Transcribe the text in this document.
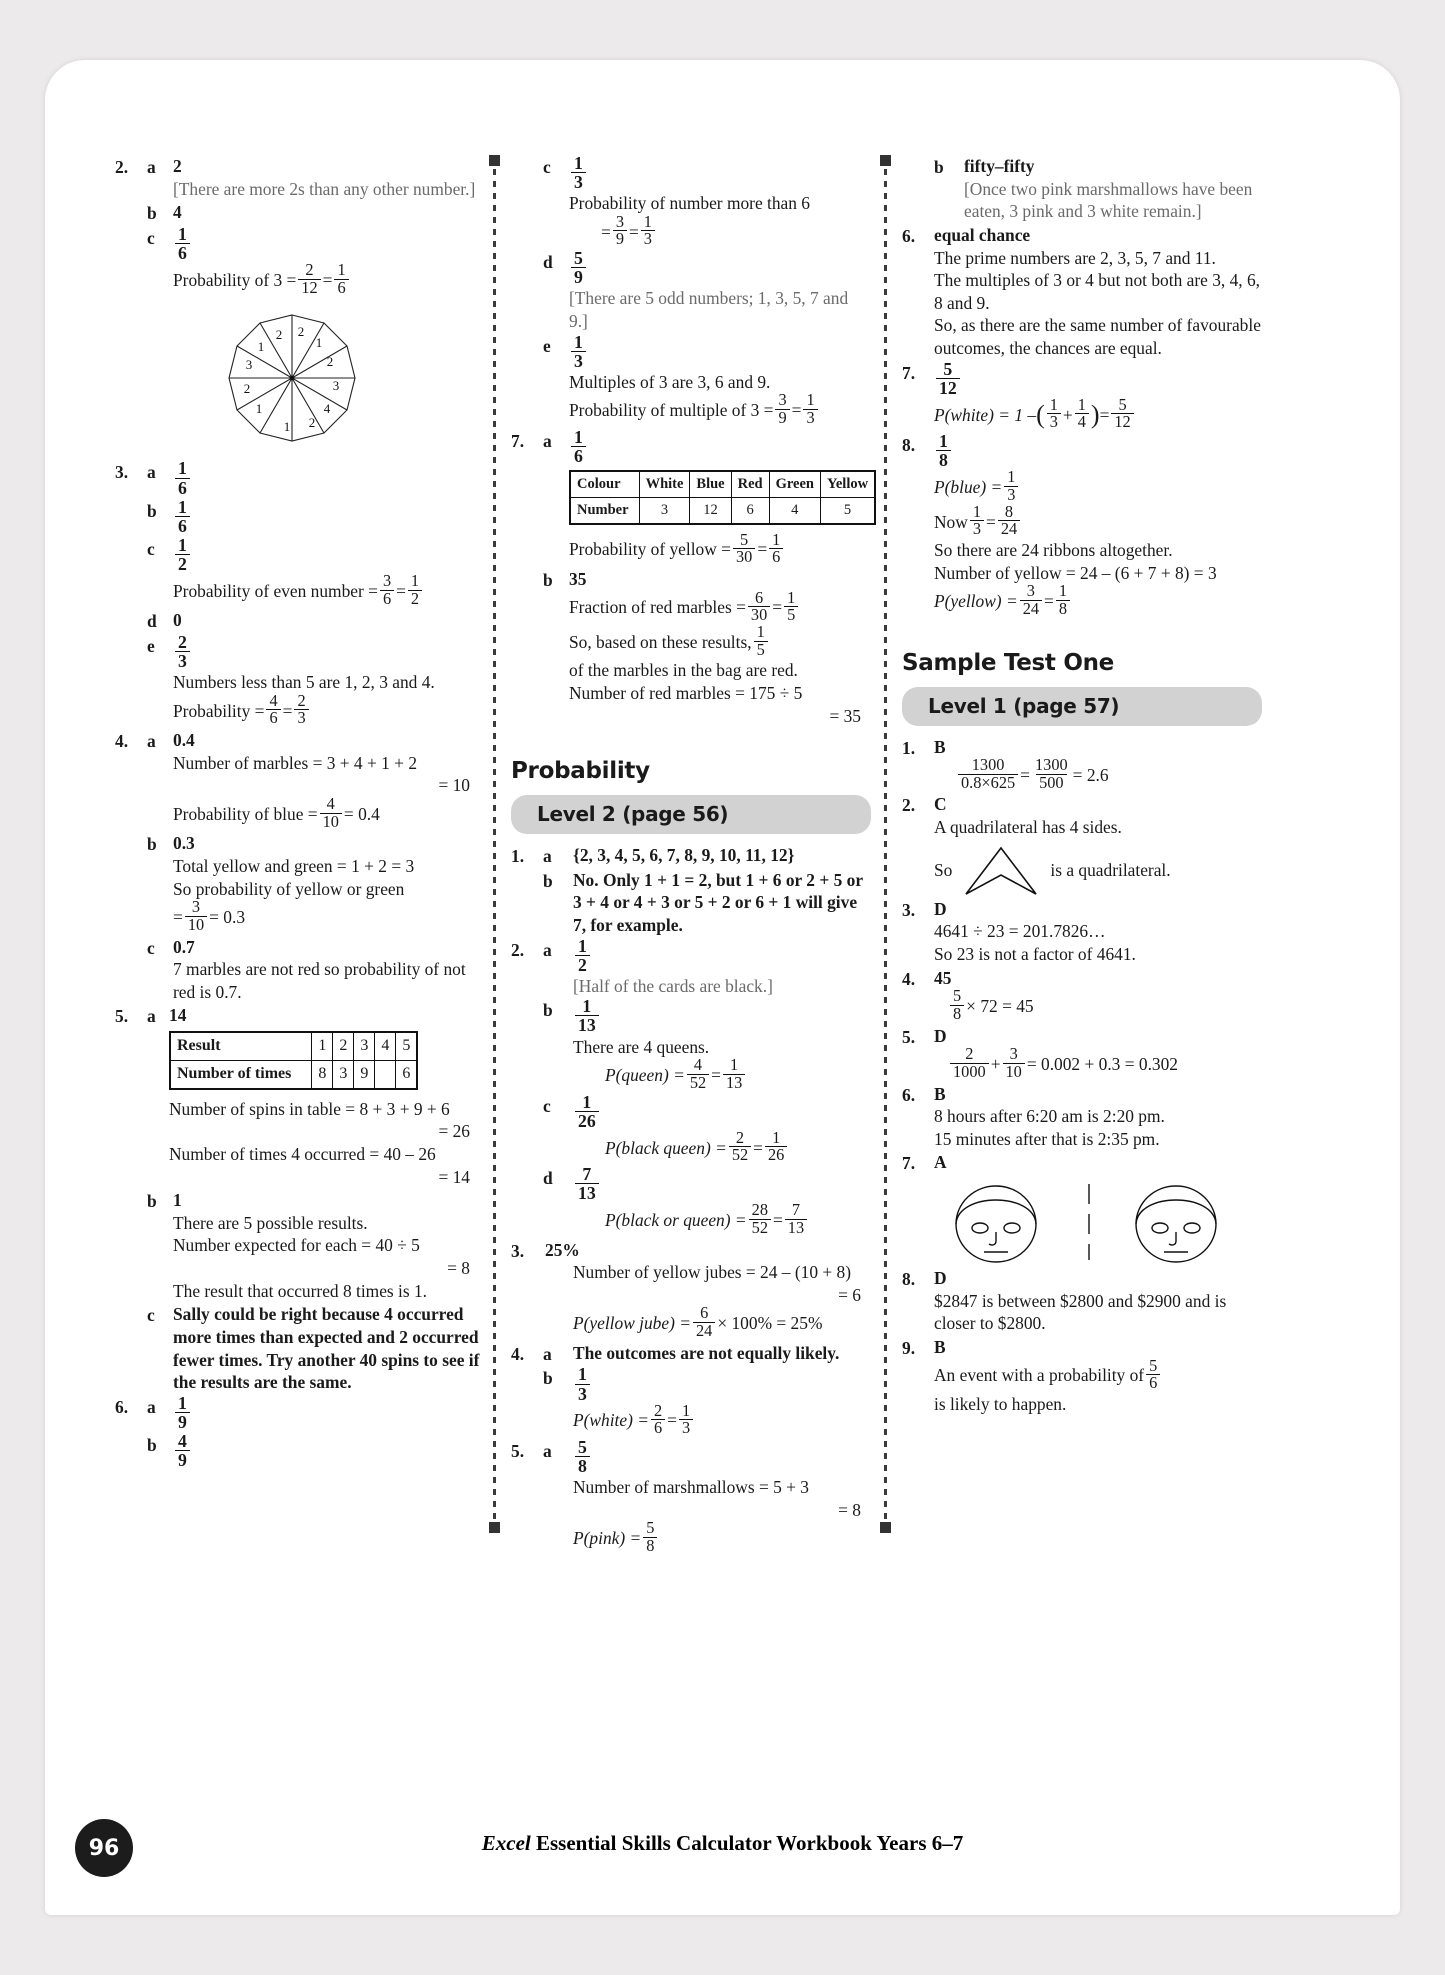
2.	a 2
[There are more 2s than any other number.]
b 4
c	$\frac{1}{6}$
Probability of $3 = \frac{2}{12} = \frac{1}{6}$
2
2
1
1
2
3
3
2
4
1
2
1
3.	a	$\frac{1}{6}$
b	$\frac{1}{6}$
c	$\frac{1}{2}$
Probability of even number = $\frac{3}{6} = \frac{1}{2}$
d 0
e	$\frac{2}{3}$
Numbers less than 5 are 1, 2, 3 and 4.
Probability = $\frac{4}{6} = \frac{2}{3}$
4.	a 0.4
Number of marbles = 3 + 4 + 1 + 2
= 10
Probability of blue = $\frac{4}{10} = 0.4$
b 0.3
Total yellow and green = 1 + 2 = 3
So probability of yellow or green
= $\frac{3}{10} = 0.3$
c	0.7
7 marbles are not red so probability of not red is 0.7.
5.	a 14
Result	1	2	3	4	5
Number of times	8	3	9		6
Number of spins in table = 8 + 3 + 9 + 6
= 26
Number of times 4 occurred = 40 – 26
= 14
b 1
There are 5 possible results.
Number expected for each = 40 ÷ 5
= 8
The result that occurred 8 times is 1.
c	Sally could be right because 4 occurred more times than expected and 2 occurred fewer times. Try another 40 spins to see if the results are the same.
6.	a	$\frac{1}{9}$
b	$\frac{4}{9}$
c	$\frac{1}{3}$
Probability of number more than 6
= $\frac{3}{9} = \frac{1}{3}$
d	$\frac{5}{9}$
[There are 5 odd numbers; 1, 3, 5, 7 and 9.]
e	$\frac{1}{3}$
Multiples of 3 are 3, 6 and 9.
Probability of multiple of $3 = \frac{3}{9} = \frac{1}{3}$
7.	a	$\frac{1}{6}$
Colour	White	Blue	Red	Green	Yellow
Number	3	12	6	4	5
Probability of yellow = $\frac{5}{30} = \frac{1}{6}$
b 35
Fraction of red marbles = $\frac{6}{30} = \frac{1}{5}$
So, based on these results,
1
5
of the marbles in the bag are red.
Number of red marbles = 175 ÷ 5
= 35
Probability
Level 2 (page 56)
1.	a	{2, 3, 4, 5, 6, 7, 8, 9, 10, 11, 12}
b	No. Only 1 + 1 = 2, but 1 + 6 or 2 + 5 or 3 + 4 or 4 + 3 or 5 + 2 or 6 + 1 will give 7, for example.
2.	a	$\frac{1}{2}$
[Half of the cards are black.]
b	$\frac{1}{13}$
There are 4 queens.
P(queen) = $\frac{4}{52} = \frac{1}{13}$
c	$\frac{1}{26}$
P(black queen) = $\frac{2}{52} = \frac{1}{26}$
d	$\frac{7}{13}$
P(black or queen) = $\frac{28}{52} = \frac{7}{13}$
3.	25%
Number of yellow jubes = 24 – (10 + 8)
= 6
P(yellow jube) = $\frac{6}{24} \times 100\% = 25\%$
4.	a	The outcomes are not equally likely.
b	$\frac{1}{3}$
P(white) = $\frac{2}{6} = \frac{1}{3}$
5.	a	$\frac{5}{8}$
Number of marshmallows = 5 + 3
= 8
P(pink) = $\frac{5}{8}$
b	fifty–fifty
[Once two pink marshmallows have been eaten, 3 pink and 3 white remain.]
6.	equal chance
The prime numbers are 2, 3, 5, 7 and 11.
The multiples of 3 or 4 but not both are 3, 4, 6, 8 and 9.
So, as there are the same number of favourable outcomes, the chances are equal.
7.	$\frac{5}{12}$
P(white) = 1 – ( 1
$3 + \frac{1}{4}$ ) = $\frac{5}{12}$
8.	$\frac{1}{8}$
P(blue) = $\frac{1}{3}$
Now $\frac{1}{3} = \frac{8}{24}$
So there are 24 ribbons altogether.
Number of yellow = 24 – (6 + 7 + 8) = 3
P(yellow) = $\frac{3}{24} = \frac{1}{8}$
Sample Test One
Level 1 (page 57)
1.	B
$\frac{1300}{0.8\times 625} = \frac{1300}{500} = 2.6$
2.	C
A quadrilateral has 4 sides.
So	is a quadrilateral.
3.	D
4641 ÷ 23 = 201.7826…
So 23 is not a factor of 4641.
4.	45
$\frac{5}{8} \times 72 = 45$
5.	D
2
$1000 + \frac{3}{10} = 0.002 + 0.3 = 0.302$
6.	B
8 hours after 6:20 am is 2:20 pm.
15 minutes after that is 2:35 pm.
7.	A
8.	D
$2847 is between $2800 and $2900 and is closer to $2800.
9.	B
An event with a probability of
5
6
is likely to happen.
96	Excel Essential Skills Calculator Workbook Years 6–7
